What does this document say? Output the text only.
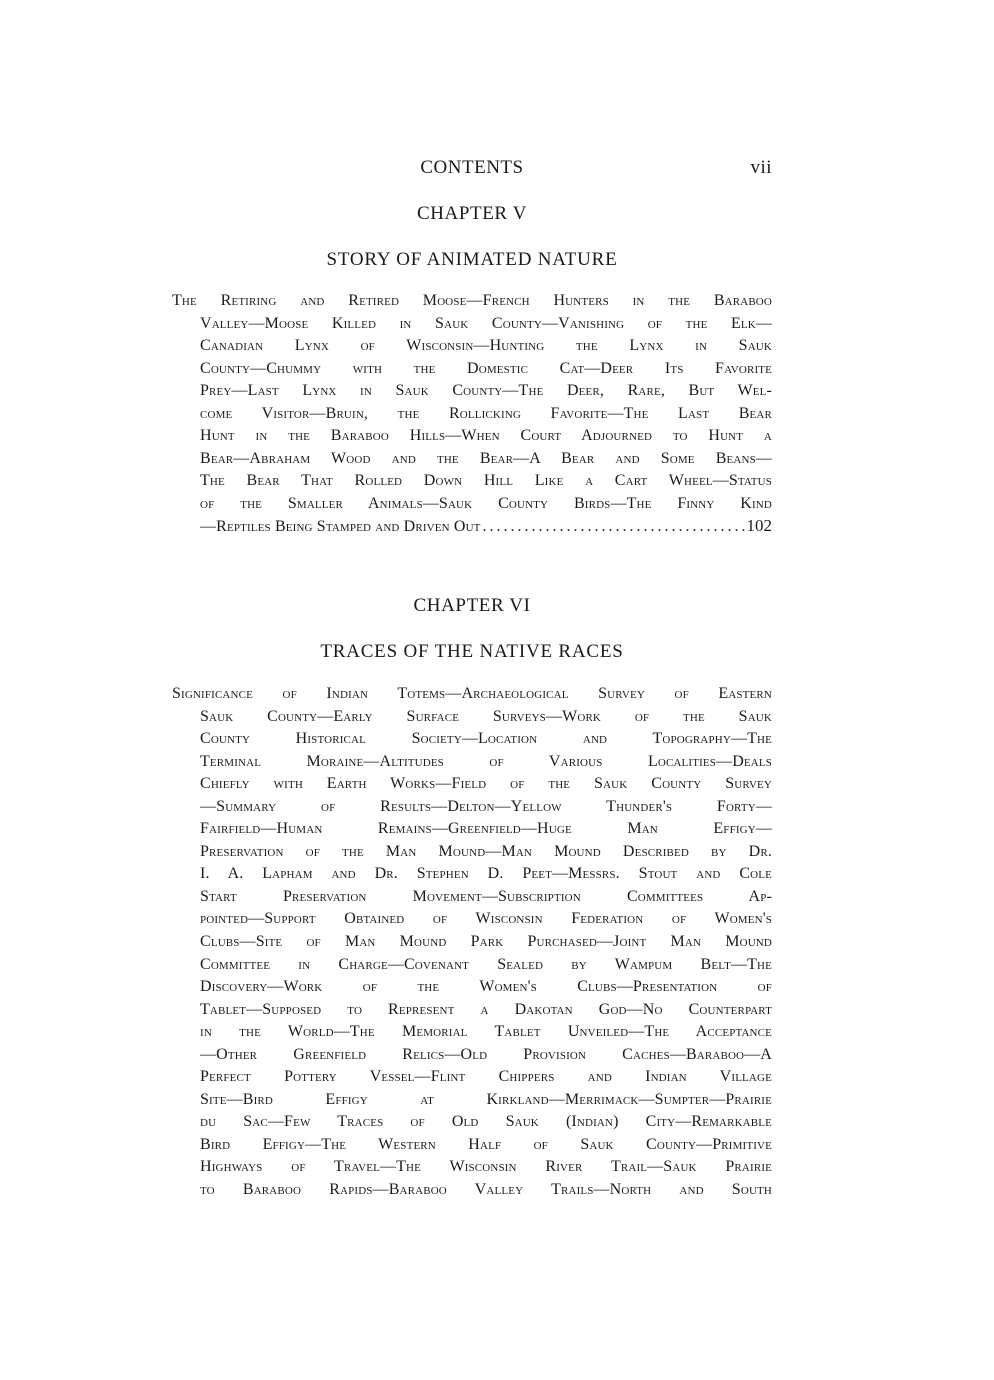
CONTENTS	vii
CHAPTER V
STORY OF ANIMATED NATURE
The Retiring and Retired Moose—French Hunters in the Baraboo
Valley—Moose Killed in Sauk County—Vanishing of the Elk—
Canadian Lynx of Wisconsin—Hunting the Lynx in Sauk
County—Chummy with the Domestic Cat—Deer Its Favorite
Prey—Last Lynx in Sauk County—The Deer, Rare, But Wel-
come Visitor—Bruin, the Rollicking Favorite—The Last Bear
Hunt in the Baraboo Hills—When Court Adjourned to Hunt a
Bear—Abraham Wood and the Bear—A Bear and Some Beans—
The Bear That Rolled Down Hill Like a Cart Wheel—Status
of the Smaller Animals—Sauk County Birds—The Finny Kind
—Reptiles Being Stamped and Driven Out
. . .	102
CHAPTER VI
TRACES OF THE NATIVE RACES
Significance of Indian Totems—Archaeological Survey of Eastern
Sauk County—Early Surface Surveys—Work of the Sauk
County Historical Society—Location and Topography—The
Terminal Moraine—Altitudes of Various Localities—Deals
Chiefly with Earth Works—Field of the Sauk County Survey
—Summary of Results—Delton—Yellow Thunder's Forty—
Fairfield—Human Remains—Greenfield—Huge Man Effigy—
Preservation of the Man Mound—Man Mound Described by Dr.
I. A. Lapham and Dr. Stephen D. Peet—Messrs. Stout and Cole
Start Preservation Movement—Subscription Committees Ap-
pointed—Support Obtained of Wisconsin Federation of Women's
Clubs—Site of Man Mound Park Purchased—Joint Man Mound
Committee in Charge—Covenant Sealed by Wampum Belt—The
Discovery—Work of the Women's Clubs—Presentation of
Tablet—Supposed to Represent a Dakotan God—No Counterpart
in the World—The Memorial Tablet Unveiled—The Acceptance
—Other Greenfield Relics—Old Provision Caches—Baraboo—A
Perfect Pottery Vessel—Flint Chippers and Indian Village
Site—Bird Effigy at Kirkland—Merrimack—Sumpter—Prairie
du Sac—Few Traces of Old Sauk (Indian) City—Remarkable
Bird Effigy—The Western Half of Sauk County—Primitive
Highways of Travel—The Wisconsin River Trail—Sauk Prairie
to Baraboo Rapids—Baraboo Valley Trails—North and South
